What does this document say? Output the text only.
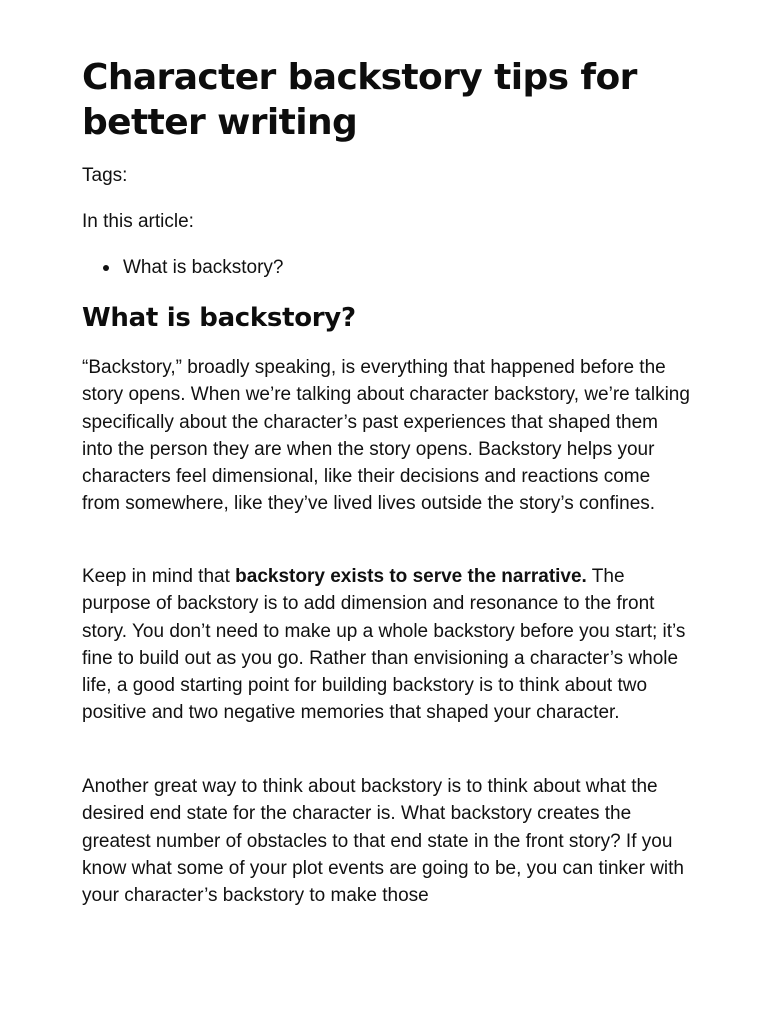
Character backstory tips for better writing

Tags:

In this article:

What is backstory?
What is backstory?

“Backstory,” broadly speaking, is everything that happened before the story opens. When we’re talking about character backstory, we’re talking specifically about the character’s past experiences that shaped them into the person they are when the story opens. Backstory helps your characters feel dimensional, like their decisions and reactions come from somewhere, like they’ve lived lives outside the story’s confines.

Keep in mind that backstory exists to serve the narrative. The purpose of backstory is to add dimension and resonance to the front story. You don’t need to make up a whole backstory before you start; it’s fine to build out as you go. Rather than envisioning a character’s whole life, a good starting point for building backstory is to think about two positive and two negative memories that shaped your character.

Another great way to think about backstory is to think about what the desired end state for the character is. What backstory creates the greatest number of obstacles to that end state in the front story? If you know what some of your plot events are going to be, you can tinker with your character’s backstory to make those
